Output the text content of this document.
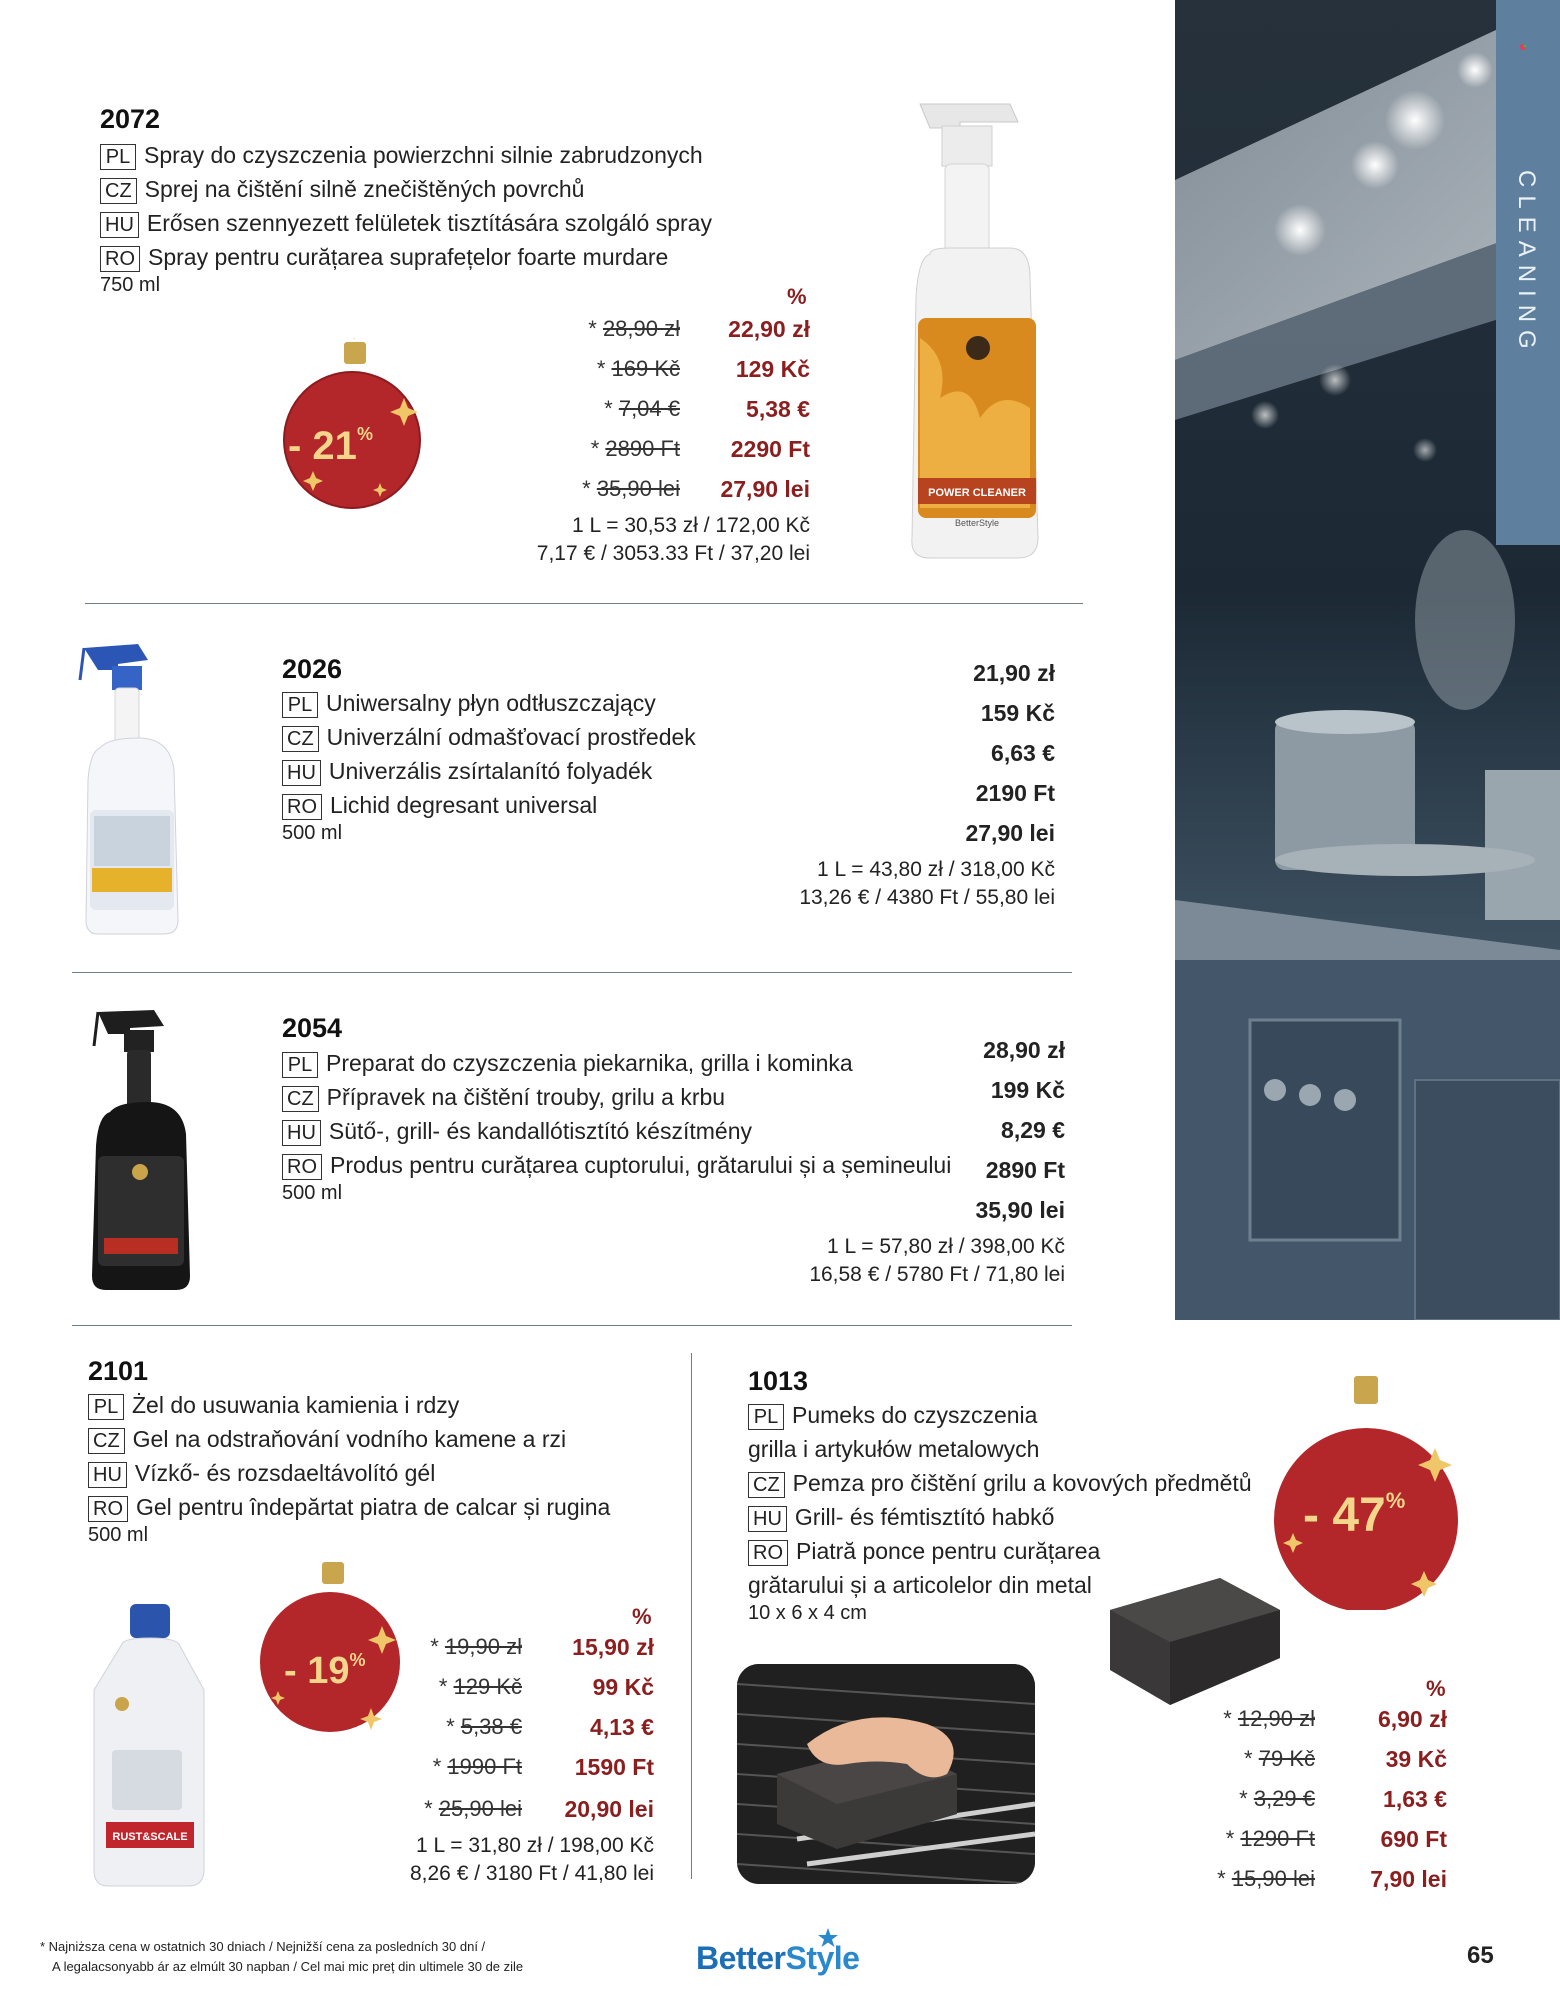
CLEANING
2072
PL Spray do czyszczenia powierzchni silnie zabrudzonych
CZ Sprej na čištění silně znečištěných povrchů
HU Erősen szennyezett felületek tisztítására szolgáló spray
RO Spray pentru curățarea suprafețelor foarte murdare
750 ml
- 21%
%
* 28,90 zł
* 169 Kč
* 7,04 €
* 2890 Ft
* 35,90 lei
22,90 zł
129 Kč
5,38 €
2290 Ft
27,90 lei
1 L = 30,53 zł / 172,00 Kč
7,17 € / 3053.33 Ft / 37,20 lei
POWER CLEANER
BetterStyle
2026
PL Uniwersalny płyn odtłuszczający
CZ Univerzální odmašťovací prostředek
HU Univerzális zsírtalanító folyadék
RO Lichid degresant universal
500 ml
21,90 zł
159 Kč
6,63 €
2190 Ft
27,90 lei
1 L = 43,80 zł / 318,00 Kč
13,26 € / 4380 Ft / 55,80 lei
2054
PL Preparat do czyszczenia piekarnika, grilla i kominka
CZ Přípravek na čištění trouby, grilu a krbu
HU Sütő-, grill- és kandallótisztító készítmény
RO Produs pentru curățarea cuptorului, grătarului și a șemineului
500 ml
28,90 zł
199 Kč
8,29 €
2890 Ft
35,90 lei
1 L = 57,80 zł / 398,00 Kč
16,58 € / 5780 Ft / 71,80 lei
2101
PL Żel do usuwania kamienia i rdzy
CZ Gel na odstraňování vodního kamene a rzi
HU Vízkő- és rozsdaeltávolító gél
RO Gel pentru îndepărtat piatra de calcar și rugina
500 ml
RUST&SCALE
- 19%
%
* 19,90 zł
* 129 Kč
* 5,38 €
* 1990 Ft
* 25,90 lei
15,90 zł
99 Kč
4,13 €
1590 Ft
20,90 lei
1 L = 31,80 zł / 198,00 Kč
8,26 € / 3180 Ft / 41,80 lei
1013
PL Pumeks do czyszczenia
grilla i artykułów metalowych
CZ Pemza pro čištění grilu a kovových předmětů
HU Grill- és fémtisztító habkő
RO Piatră ponce pentru curățarea
grătarului și a articolelor din metal
10 x 6 x 4 cm
- 47%
%
* 12,90 zł
* 79 Kč
* 3,29 €
* 1290 Ft
* 15,90 lei
6,90 zł
39 Kč
1,63 €
690 Ft
7,90 lei
* Najniższa cena w ostatnich 30 dniach / Nejnižší cena za posledních 30 dní /
A legalacsonyabb ár az elmúlt 30 napban / Cel mai mic preț din ultimele 30 de zile	BetterStyle	65
